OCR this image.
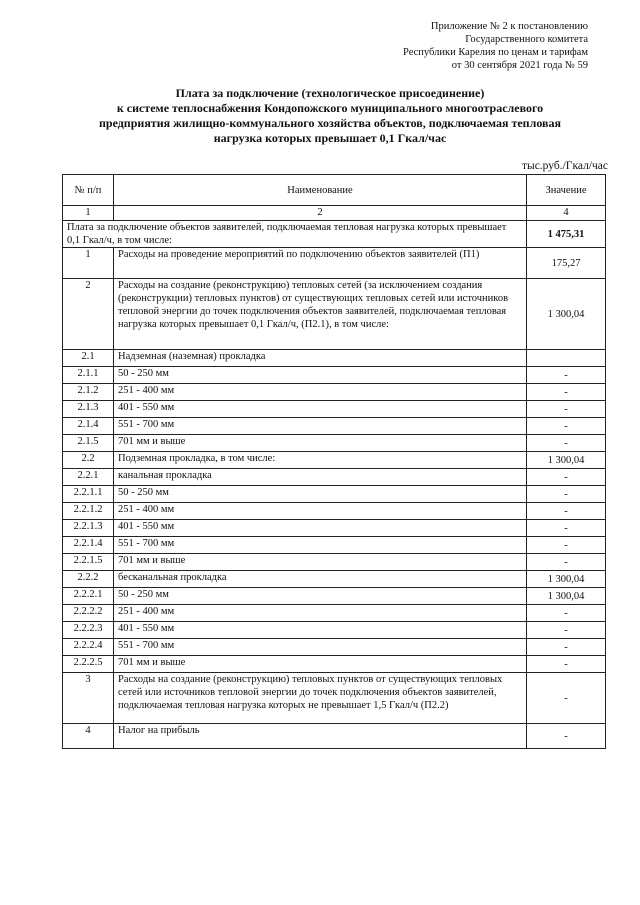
Приложение № 2 к постановлению
Государственного комитета
Республики Карелия по ценам и тарифам
от 30 сентября 2021 года № 59
Плата за подключение (технологическое присоединение)
к системе теплоснабжения Кондопожского муниципального многоотраслевого
предприятия жилищно-коммунального хозяйства объектов, подключаемая тепловая
нагрузка которых превышает 0,1 Гкал/час
тыс.руб./Гкал/час
№ п/п	Наименование	Значение
1	2	4
Плата за подключение объектов заявителей, подключаемая тепловая нагрузка которых превышает 0,1 Гкал/ч, в том числе:		1 475,31
1	Расходы на проведение мероприятий по подключению объектов заявителей (П1)	175,27
2	Расходы на создание (реконструкцию) тепловых сетей (за исключением создания (реконструкции) тепловых пунктов) от существующих тепловых сетей или источников тепловой энергии до точек подключения объектов заявителей, подключаемая тепловая нагрузка которых превышает 0,1 Гкал/ч, (П2.1), в том числе:	1 300,04
2.1	Надземная (наземная) прокладка	
2.1.1	50 - 250 мм	-
2.1.2	251 - 400 мм	-
2.1.3	401 - 550 мм	-
2.1.4	551 - 700 мм	-
2.1.5	701 мм и выше	-
2.2	Подземная прокладка, в том числе:	1 300,04
2.2.1	канальная прокладка	-
2.2.1.1	50 - 250 мм	-
2.2.1.2	251 - 400 мм	-
2.2.1.3	401 - 550 мм	-
2.2.1.4	551 - 700 мм	-
2.2.1.5	701 мм и выше	-
2.2.2	бесканальная прокладка	1 300,04
2.2.2.1	50 - 250 мм	1 300,04
2.2.2.2	251 - 400 мм	-
2.2.2.3	401 - 550 мм	-
2.2.2.4	551 - 700 мм	-
2.2.2.5	701 мм и выше	-
3	Расходы на создание (реконструкцию) тепловых пунктов от существующих тепловых сетей или источников тепловой энергии до точек подключения объектов заявителей, подключаемая тепловая нагрузка которых не превышает 1,5 Гкал/ч (П2.2)	-
4	Налог на прибыль	-
